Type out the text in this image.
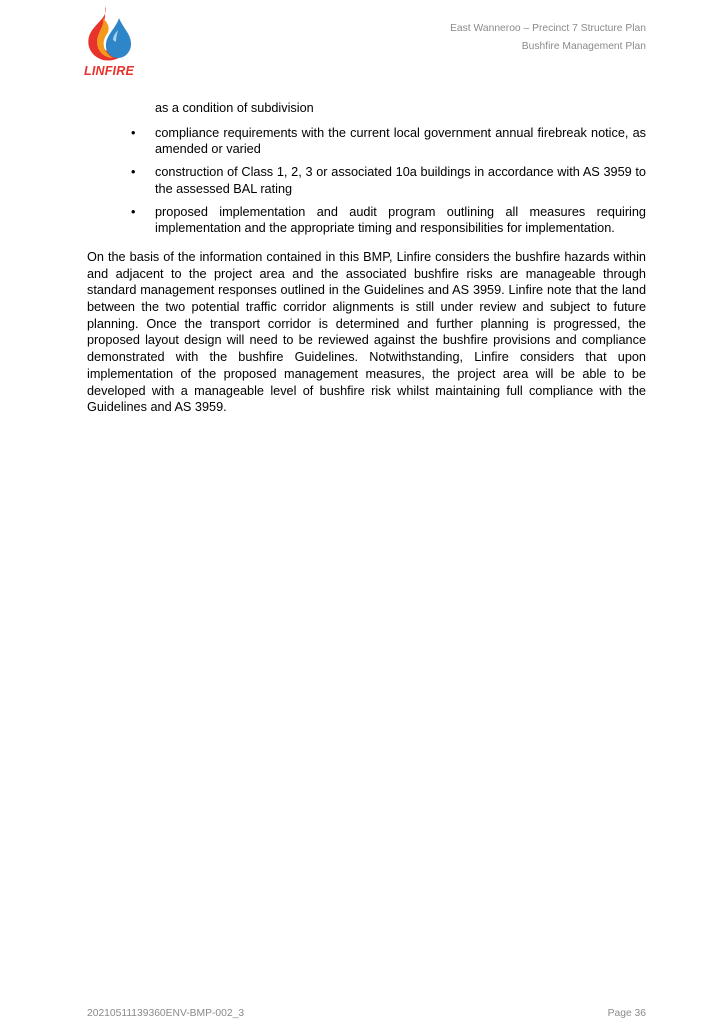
LINFIRE
East Wanneroo – Precinct 7 Structure Plan
Bushfire Management Plan
as a condition of subdivision
• compliance requirements with the current local government annual firebreak notice, as amended or varied
• construction of Class 1, 2, 3 or associated 10a buildings in accordance with AS 3959 to the assessed BAL rating
• proposed implementation and audit program outlining all measures requiring implementation and the appropriate timing and responsibilities for implementation.

On the basis of the information contained in this BMP, Linfire considers the bushfire hazards within and adjacent to the project area and the associated bushfire risks are manageable through standard management responses outlined in the Guidelines and AS 3959. Linfire note that the land between the two potential traffic corridor alignments is still under review and subject to future planning. Once the transport corridor is determined and further planning is progressed, the proposed layout design will need to be reviewed against the bushfire provisions and compliance demonstrated with the bushfire Guidelines. Notwithstanding, Linfire considers that upon implementation of the proposed management measures, the project area will be able to be developed with a manageable level of bushfire risk whilst maintaining full compliance with the Guidelines and AS 3959.

20210511139360ENV-BMP-002_3	Page 36
